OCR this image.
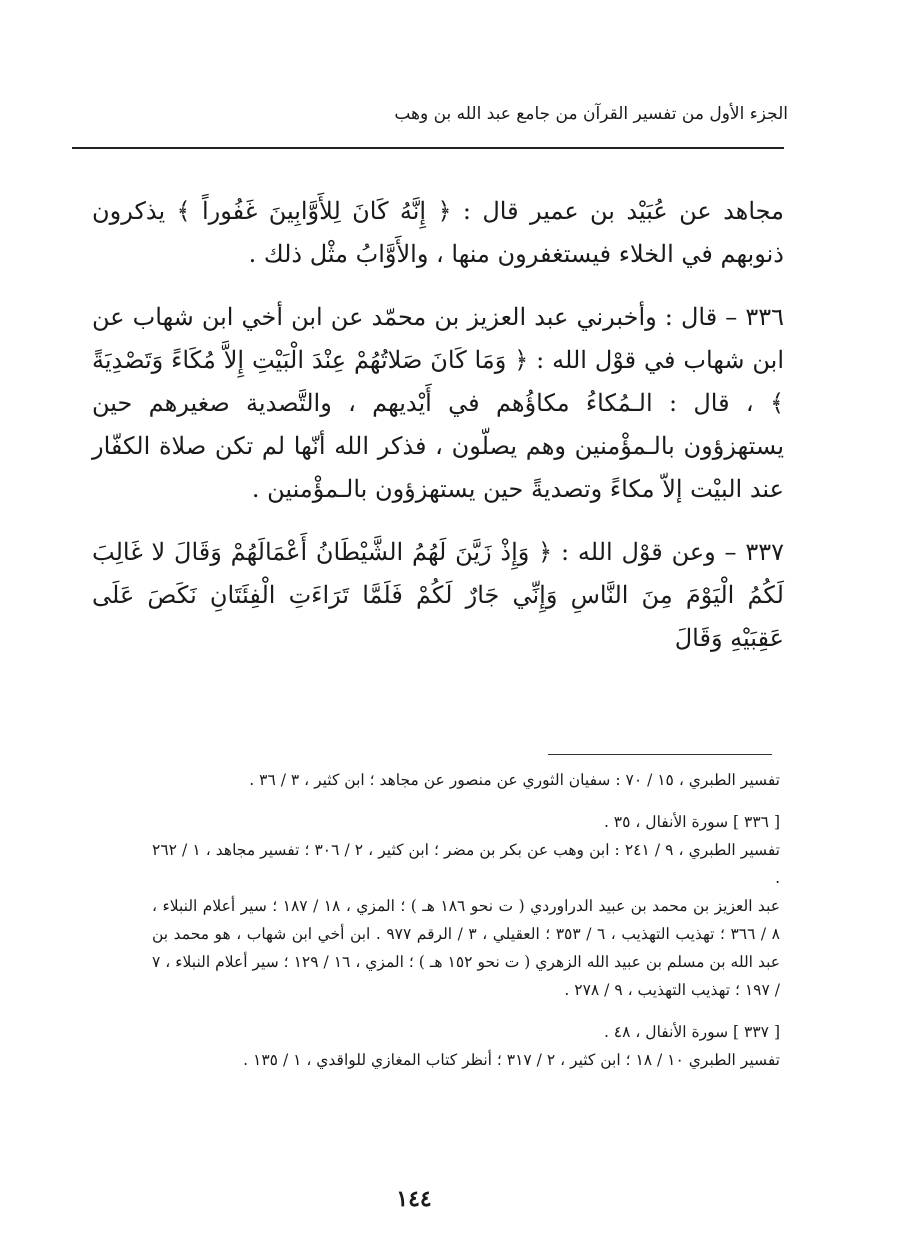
الجزء الأول من تفسير القرآن من جامع عبد الله بن وهب

مجاهد عن عُبَيْد بن عمير قال : ﴿ إِنَّهُ كَانَ لِلأَوَّابِينَ غَفُوراً ﴾ يذكرون ذنوبهم في الخلاء فيستغفرون منها ، والأَوَّابُ مثْل ذلك .

٣٣٦ – قال : وأخبرني عبد العزيز بن محمّد عن ابن أخي ابن شهاب عن ابن شهاب في قوْل الله : ﴿ وَمَا كَانَ صَلاتُهُمْ عِنْدَ الْبَيْتِ إِلاَّ مُكَاءً وَتَصْدِيَةً ﴾ ، قال : الـمُكاءُ مكاؤُهم في أَيْديهم ، والتَّصدية صغيرهم حين يستهزؤون بالـمؤْمنين وهم يصلّون ، فذكر الله أنّها لم تكن صلاة الكفّار عند البيْت إلاّ مكاءً وتصديةً حين يستهزؤون بالـمؤْمنين .

٣٣٧ – وعن قوْل الله : ﴿ وَإِذْ زَيَّنَ لَهُمُ الشَّيْطَانُ أَعْمَالَهُمْ وَقَالَ لا غَالِبَ لَكُمُ الْيَوْمَ مِنَ النَّاسِ وَإِنِّي جَارٌ لَكُمْ فَلَمَّا تَرَاءَتِ الْفِئَتَانِ نَكَصَ عَلَى عَقِبَيْهِ وَقَالَ

تفسير الطبري ، ١٥ / ٧٠ : سفيان الثوري عن منصور عن مجاهد ؛ ابن كثير ، ٣ / ٣٦ .

[ ٣٣٦ ] سورة الأنفال ، ٣٥ .

تفسير الطبري ، ٩ / ٢٤١ : ابن وهب عن بكر بن مضر ؛ ابن كثير ، ٢ / ٣٠٦ ؛ تفسير مجاهد ، ١ / ٢٦٢ .

عبد العزيز بن محمد بن عبيد الدراوردي ( ت نحو ١٨٦ هـ ) ؛ المزي ، ١٨ / ١٨٧ ؛ سير أعلام النبلاء ، ٨ / ٣٦٦ ؛ تهذيب التهذيب ، ٦ / ٣٥٣ ؛ العقيلي ، ٣ / الرقم ٩٧٧ . ابن أخي ابن شهاب ، هو محمد بن عبد الله بن مسلم بن عبيد الله الزهري ( ت نحو ١٥٢ هـ ) ؛ المزي ، ١٦ / ١٢٩ ؛ سير أعلام النبلاء ، ٧ / ١٩٧ ؛ تهذيب التهذيب ، ٩ / ٢٧٨ .

[ ٣٣٧ ] سورة الأنفال ، ٤٨ .

تفسير الطبري ١٠ / ١٨ ؛ ابن كثير ، ٢ / ٣١٧ ؛ أنظر كتاب المغازي للواقدي ، ١ / ١٣٥ .

١٤٤
